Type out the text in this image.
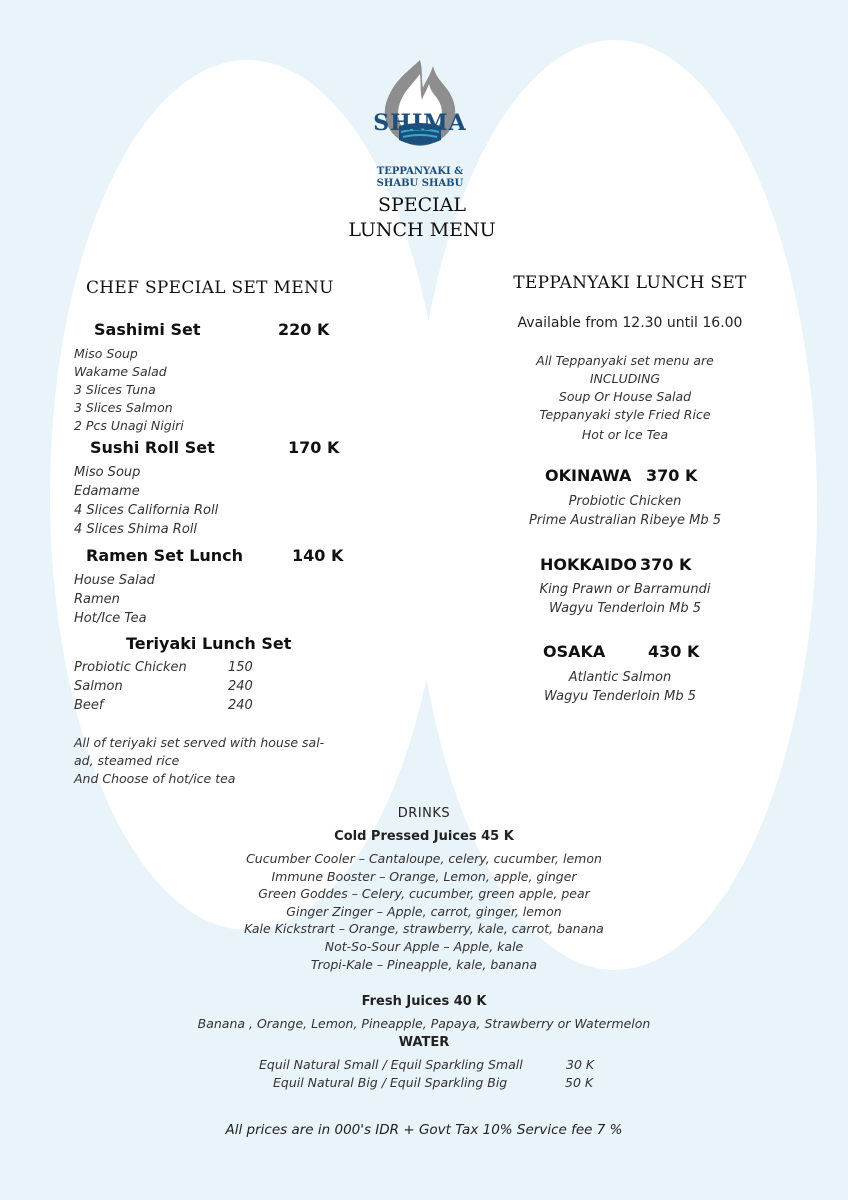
SHIMA
TEPPANYAKI &
SHABU SHABU
SPECIAL
LUNCH MENU
CHEF SPECIAL SET MENU
Sashimi Set	220 K
Miso Soup
Wakame Salad
3 Slices Tuna
3 Slices Salmon
2 Pcs Unagi Nigiri
Sushi Roll Set	170 K
Miso Soup
Edamame
4 Slices California Roll
4 Slices Shima Roll
Ramen Set Lunch	140 K
House Salad
Ramen
Hot/Ice Tea
Teriyaki Lunch Set
Probiotic Chicken	150
Salmon	240
Beef	240
All of teriyaki set served with house sal-
ad, steamed rice
And Choose of hot/ice tea
TEPPANYAKI LUNCH SET
Available from 12.30 until 16.00
All Teppanyaki set menu are
INCLUDING
Soup Or House Salad
Teppanyaki style Fried Rice
Hot or Ice Tea
OKINAWA 370 K
Probiotic Chicken
Prime Australian Ribeye Mb 5
HOKKAIDO 370 K
King Prawn or Barramundi
Wagyu Tenderloin Mb 5
OSAKA	430 K
Atlantic Salmon
Wagyu Tenderloin Mb 5
DRINKS
Cold Pressed Juices 45 K
Cucumber Cooler – Cantaloupe, celery, cucumber, lemon
Immune Booster – Orange, Lemon, apple, ginger
Green Goddes – Celery, cucumber, green apple, pear
Ginger Zinger – Apple, carrot, ginger, lemon
Kale Kickstrart – Orange, strawberry, kale, carrot, banana
Not-So-Sour Apple – Apple, kale
Tropi-Kale – Pineapple, kale, banana
Fresh Juices 40 K
Banana , Orange, Lemon, Pineapple, Papaya, Strawberry or Watermelon
WATER
Equil Natural Small / Equil Sparkling Small	30 K
Equil Natural Big / Equil Sparkling Big	50 K
All prices are in 000's IDR + Govt Tax 10% Service fee 7 %
